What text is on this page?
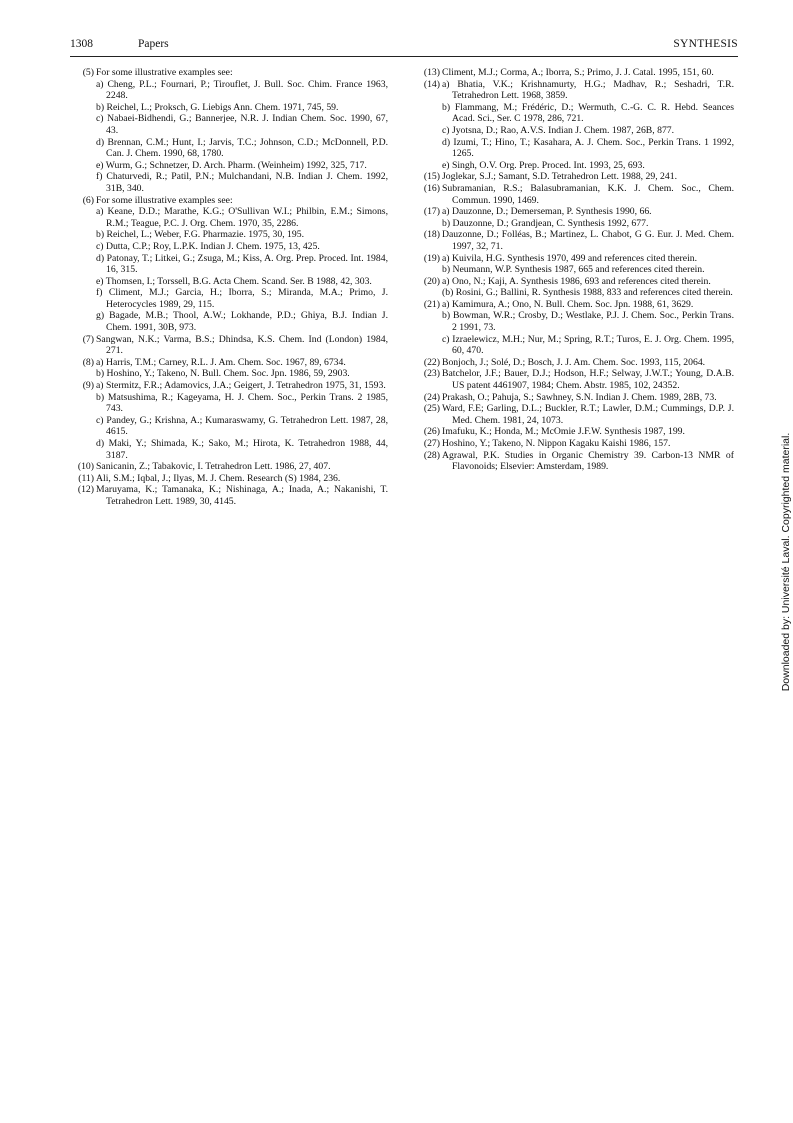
1308	Papers	SYNTHESIS
(5) For some illustrative examples see:
a) Cheng, P.L.; Fournari, P.; Tirouflet, J. Bull. Soc. Chim. France 1963, 2248.
b) Reichel, L.; Proksch, G. Liebigs Ann. Chem. 1971, 745, 59.
c) Nabaei-Bidhendi, G.; Bannerjee, N.R. J. Indian Chem. Soc. 1990, 67, 43.
d) Brennan, C.M.; Hunt, I.; Jarvis, T.C.; Johnson, C.D.; McDonnell, P.D. Can. J. Chem. 1990, 68, 1780.
e) Wurm, G.; Schnetzer, D. Arch. Pharm. (Weinheim) 1992, 325, 717.
f) Chaturvedi, R.; Patil, P.N.; Mulchandani, N.B. Indian J. Chem. 1992, 31B, 340.
(6) For some illustrative examples see:
a) Keane, D.D.; Marathe, K.G.; O'Sullivan W.I.; Philbin, E.M.; Simons, R.M.; Teague, P.C. J. Org. Chem. 1970, 35, 2286.
b) Reichel, L.; Weber, F.G. Pharmazie. 1975, 30, 195.
c) Dutta, C.P.; Roy, L.P.K. Indian J. Chem. 1975, 13, 425.
d) Patonay, T.; Litkei, G.; Zsuga, M.; Kiss, A. Org. Prep. Proced. Int. 1984, 16, 315.
e) Thomsen, I.; Torssell, B.G. Acta Chem. Scand. Ser. B 1988, 42, 303.
f) Climent, M.J.; Garcia, H.; Iborra, S.; Miranda, M.A.; Primo, J. Heterocycles 1989, 29, 115.
g) Bagade, M.B.; Thool, A.W.; Lokhande, P.D.; Ghiya, B.J. Indian J. Chem. 1991, 30B, 973.
(7) Sangwan, N.K.; Varma, B.S.; Dhindsa, K.S. Chem. Ind (London) 1984, 271.
(8) a) Harris, T.M.; Carney, R.L. J. Am. Chem. Soc. 1967, 89, 6734.
b) Hoshino, Y.; Takeno, N. Bull. Chem. Soc. Jpn. 1986, 59, 2903.
(9) a) Stermitz, F.R.; Adamovics, J.A.; Geigert, J. Tetrahedron 1975, 31, 1593.
b) Matsushima, R.; Kageyama, H. J. Chem. Soc., Perkin Trans. 2 1985, 743.
c) Pandey, G.; Krishna, A.; Kumaraswamy, G. Tetrahedron Lett. 1987, 28, 4615.
d) Maki, Y.; Shimada, K.; Sako, M.; Hirota, K. Tetrahedron 1988, 44, 3187.
(10) Sanicanin, Z.; Tabakovic, I. Tetrahedron Lett. 1986, 27, 407.
(11) Ali, S.M.; Iqbal, J.; Ilyas, M. J. Chem. Research (S) 1984, 236.
(12) Maruyama, K.; Tamanaka, K.; Nishinaga, A.; Inada, A.; Nakanishi, T. Tetrahedron Lett. 1989, 30, 4145.
(13) Climent, M.J.; Corma, A.; Iborra, S.; Primo, J. J. Catal. 1995, 151, 60.
(14) a) Bhatia, V.K.; Krishnamurty, H.G.; Madhav, R.; Seshadri, T.R. Tetrahedron Lett. 1968, 3859.
b) Flammang, M.; Frédéric, D.; Wermuth, C.-G. C. R. Hebd. Seances Acad. Sci., Ser. C 1978, 286, 721.
c) Jyotsna, D.; Rao, A.V.S. Indian J. Chem. 1987, 26B, 877.
d) Izumi, T.; Hino, T.; Kasahara, A. J. Chem. Soc., Perkin Trans. 1 1992, 1265.
e) Singh, O.V. Org. Prep. Proced. Int. 1993, 25, 693.
(15) Joglekar, S.J.; Samant, S.D. Tetrahedron Lett. 1988, 29, 241.
(16) Subramanian, R.S.; Balasubramanian, K.K. J. Chem. Soc., Chem. Commun. 1990, 1469.
(17) a) Dauzonne, D.; Demerseman, P. Synthesis 1990, 66.
b) Dauzonne, D.; Grandjean, C. Synthesis 1992, 677.
(18) Dauzonne, D.; Folléas, B.; Martinez, L. Chabot, G G. Eur. J. Med. Chem. 1997, 32, 71.
(19) a) Kuivila, H.G. Synthesis 1970, 499 and references cited therein.
b) Neumann, W.P. Synthesis 1987, 665 and references cited therein.
(20) a) Ono, N.; Kaji, A. Synthesis 1986, 693 and references cited therein.
(b) Rosini, G.; Ballini, R. Synthesis 1988, 833 and references cited therein.
(21) a) Kamimura, A.; Ono, N. Bull. Chem. Soc. Jpn. 1988, 61, 3629.
b) Bowman, W.R.; Crosby, D.; Westlake, P.J. J. Chem. Soc., Perkin Trans. 2 1991, 73.
c) Izraelewicz, M.H.; Nur, M.; Spring, R.T.; Turos, E. J. Org. Chem. 1995, 60, 470.
(22) Bonjoch, J.; Solé, D.; Bosch, J. J. Am. Chem. Soc. 1993, 115, 2064.
(23) Batchelor, J.F.; Bauer, D.J.; Hodson, H.F.; Selway, J.W.T.; Young, D.A.B. US patent 4461907, 1984; Chem. Abstr. 1985, 102, 24352.
(24) Prakash, O.; Pahuja, S.; Sawhney, S.N. Indian J. Chem. 1989, 28B, 73.
(25) Ward, F.E; Garling, D.L.; Buckler, R.T.; Lawler, D.M.; Cummings, D.P. J. Med. Chem. 1981, 24, 1073.
(26) Imafuku, K.; Honda, M.; McOmie J.F.W. Synthesis 1987, 199.
(27) Hoshino, Y.; Takeno, N. Nippon Kagaku Kaishi 1986, 157.
(28) Agrawal, P.K. Studies in Organic Chemistry 39. Carbon-13 NMR of Flavonoids; Elsevier: Amsterdam, 1989.	Downloaded by: Université Laval. Copyrighted material.
